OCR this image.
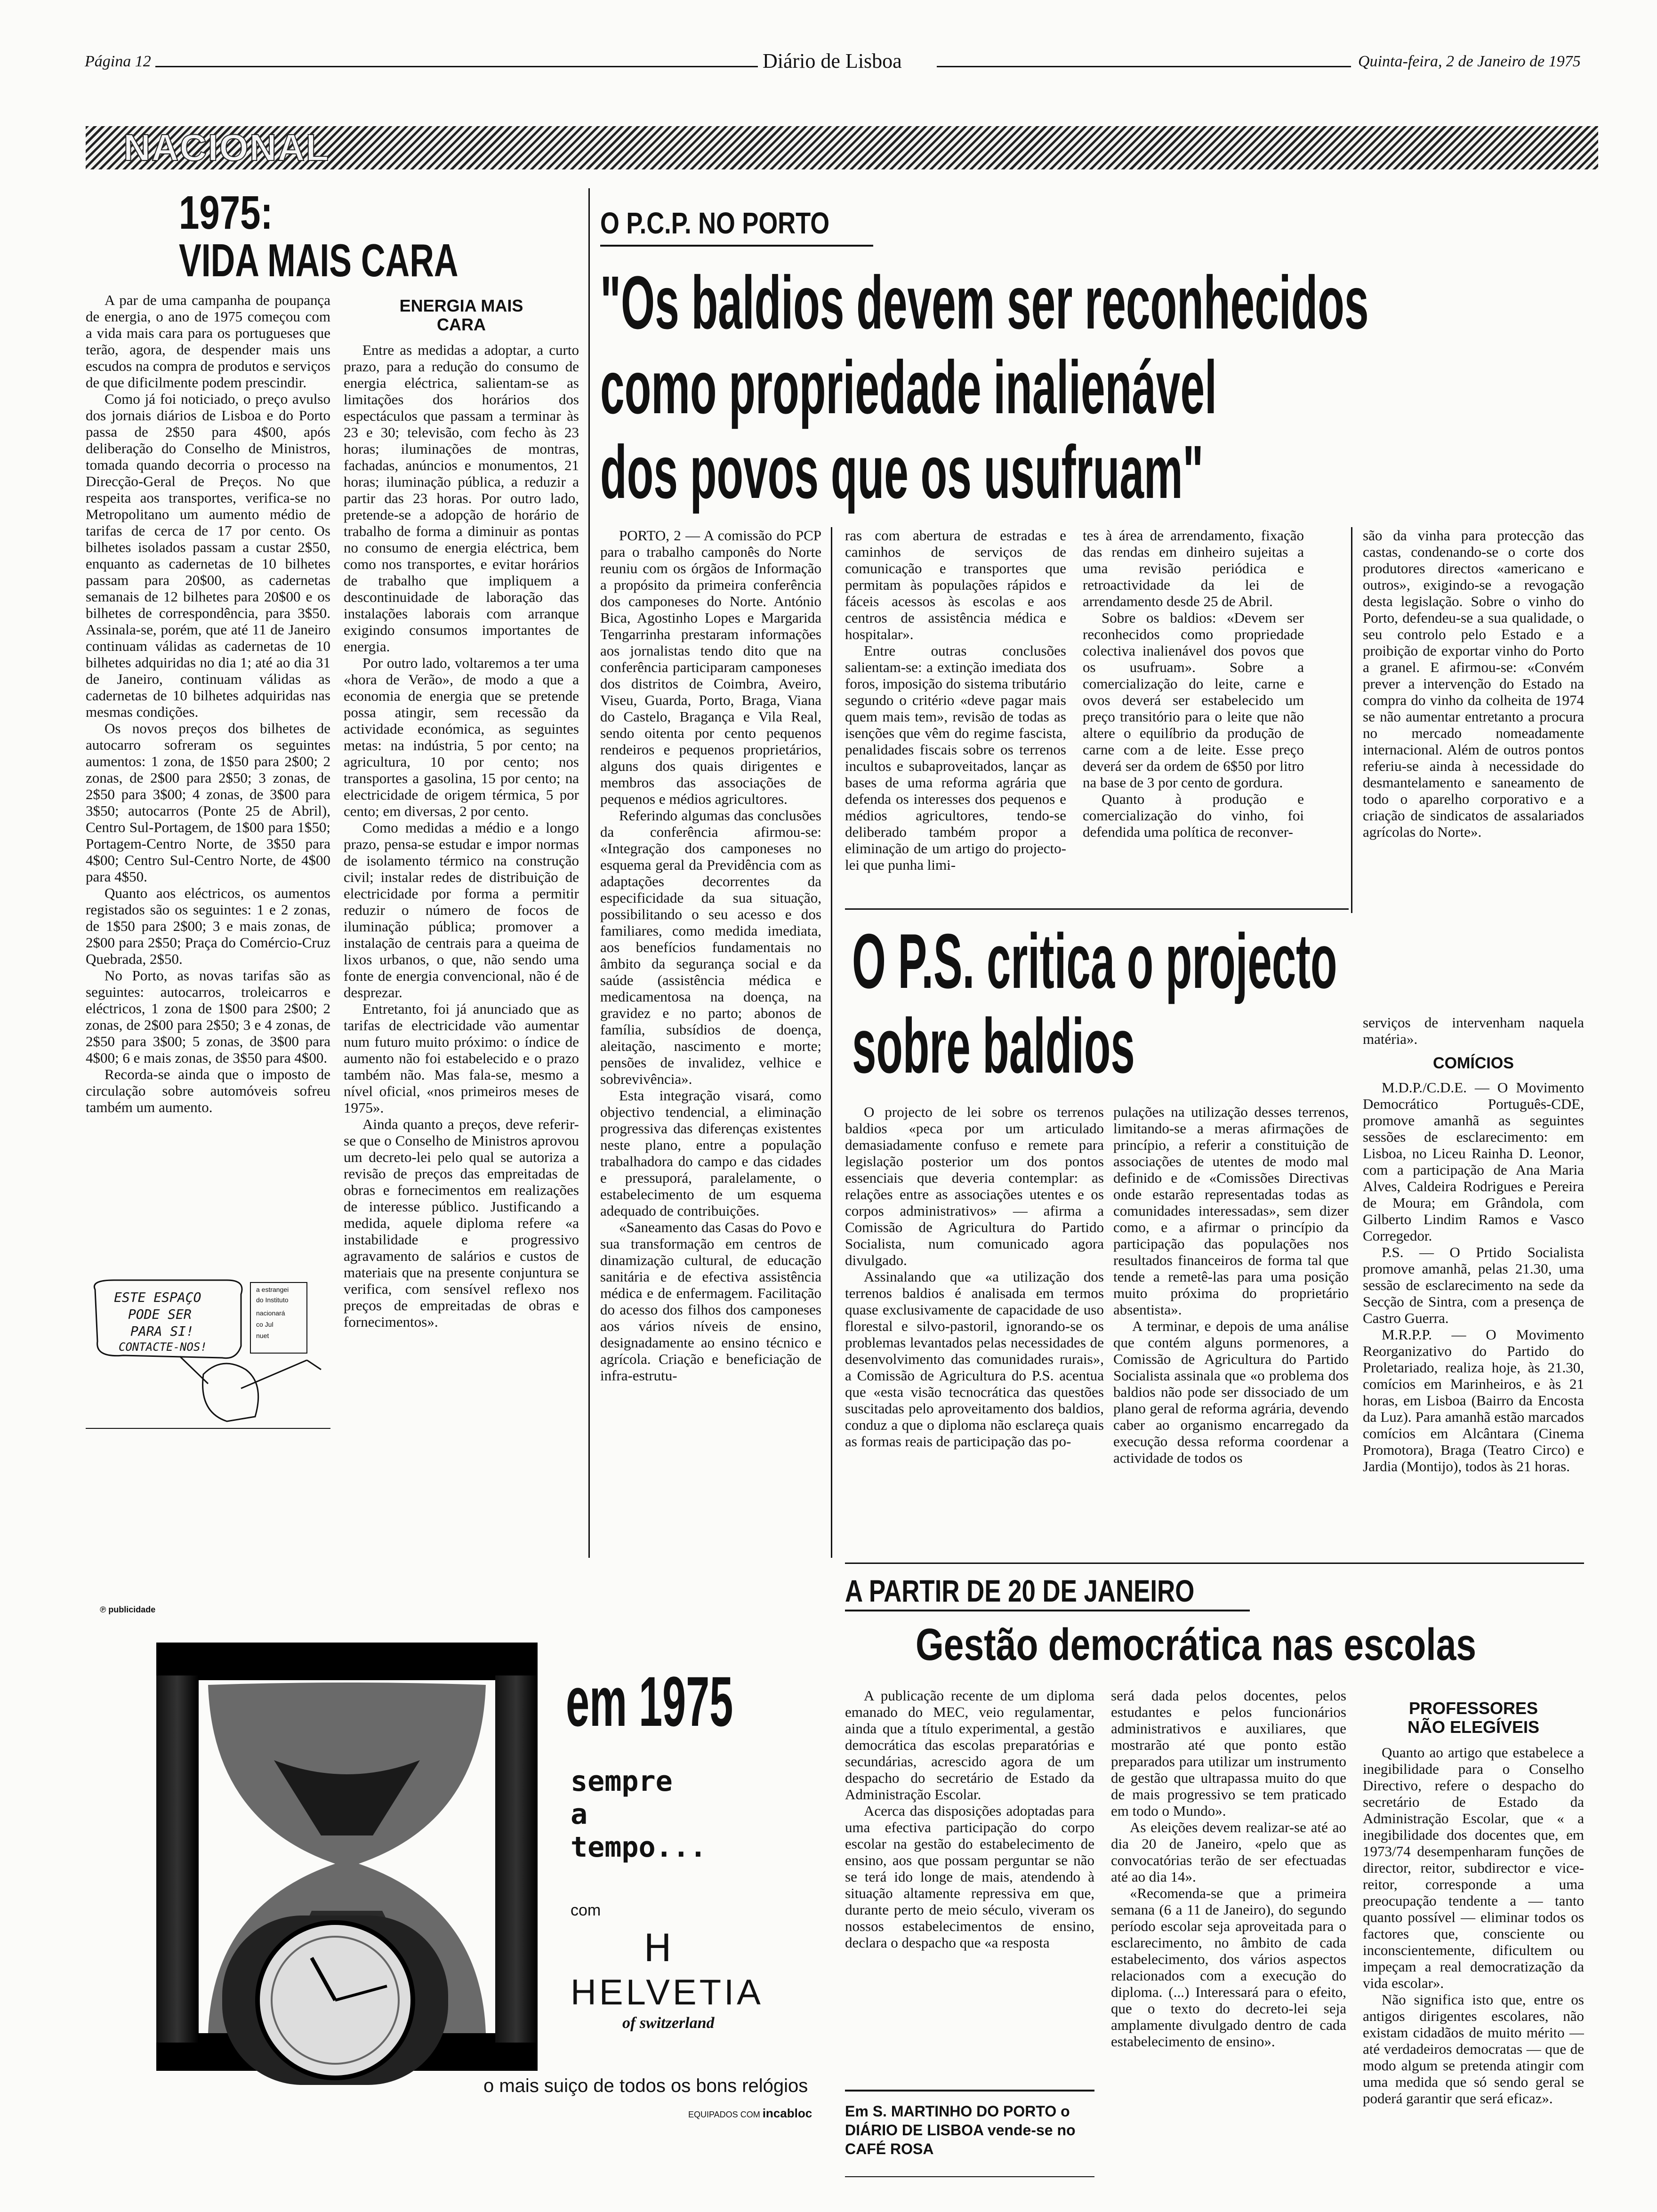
Página 12	Diário de Lisboa	Quinta-feira, 2 de Janeiro de 1975
NACIONAL
1975:
VIDA MAIS CARA

A par de uma campanha de poupança de energia, o ano de 1975 começou com a vida mais cara para os portugueses que terão, agora, de despender mais uns escudos na compra de produtos e serviços de que dificilmente podem prescindir.

Como já foi noticiado, o preço avulso dos jornais diários de Lisboa e do Porto passa de 2$50 para 4$00, após deliberação do Conselho de Ministros, tomada quando decorria o processo na Direcção-Geral de Preços. No que respeita aos transportes, verifica-se no Metropolitano um aumento médio de tarifas de cerca de 17 por cento. Os bilhetes isolados passam a custar 2$50, enquanto as cadernetas de 10 bilhetes passam para 20$00, as cadernetas semanais de 12 bilhetes para 20$00 e os bilhetes de correspondência, para 3$50. Assinala-se, porém, que até 11 de Janeiro continuam válidas as cadernetas de 10 bilhetes adquiridas no dia 1; até ao dia 31 de Janeiro, continuam válidas as cadernetas de 10 bilhetes adquiridas nas mesmas condições.

Os novos preços dos bilhetes de autocarro sofreram os seguintes aumentos: 1 zona, de 1$50 para 2$00; 2 zonas, de 2$00 para 2$50; 3 zonas, de 2$50 para 3$00; 4 zonas, de 3$00 para 3$50; autocarros (Ponte 25 de Abril), Centro Sul-Portagem, de 1$00 para 1$50; Portagem-Centro Norte, de 3$50 para 4$00; Centro Sul-Centro Norte, de 4$00 para 4$50.

Quanto aos eléctricos, os aumentos registados são os seguintes: 1 e 2 zonas, de 1$50 para 2$00; 3 e mais zonas, de 2$00 para 2$50; Praça do Comércio-Cruz Quebrada, 2$50.

No Porto, as novas tarifas são as seguintes: autocarros, troleicarros e eléctricos, 1 zona de 1$00 para 2$00; 2 zonas, de 2$00 para 2$50; 3 e 4 zonas, de 2$50 para 3$00; 5 zonas, de 3$00 para 4$00; 6 e mais zonas, de 3$50 para 4$00.

Recorda-se ainda que o imposto de circulação sobre automóveis sofreu também um aumento.

ENERGIA MAIS CARA

Entre as medidas a adoptar, a curto prazo, para a redução do consumo de energia eléctrica, salientam-se as limitações dos horários dos espectáculos que passam a terminar às 23 e 30; televisão, com fecho às 23 horas; iluminações de montras, fachadas, anúncios e monumentos, 21 horas; iluminação pública, a reduzir a partir das 23 horas. Por outro lado, pretende-se a adopção de horário de trabalho de forma a diminuir as pontas no consumo de energia eléctrica, bem como nos transportes, e evitar horários de trabalho que impliquem a descontinuidade de laboração das instalações laborais com arranque exigindo consumos importantes de energia.

Por outro lado, voltaremos a ter uma «hora de Verão», de modo a que a economia de energia que se pretende possa atingir, sem recessão da actividade económica, as seguintes metas: na indústria, 5 por cento; na agricultura, 10 por cento; nos transportes a gasolina, 15 por cento; na electricidade de origem térmica, 5 por cento; em diversas, 2 por cento.

Como medidas a médio e a longo prazo, pensa-se estudar e impor normas de isolamento térmico na construção civil; instalar redes de distribuição de electricidade por forma a permitir reduzir o número de focos de iluminação pública; promover a instalação de centrais para a queima de lixos urbanos, o que, não sendo uma fonte de energia convencional, não é de desprezar.

Entretanto, foi já anunciado que as tarifas de electricidade vão aumentar num futuro muito próximo: o índice de aumento não foi estabelecido e o prazo também não. Mas fala-se, mesmo a nível oficial, «nos primeiros meses de 1975».

Ainda quanto a preços, deve referir-se que o Conselho de Ministros aprovou um decreto-lei pelo qual se autoriza a revisão de preços das empreitadas de obras e fornecimentos em realizações de interesse público. Justificando a medida, aquele diploma refere «a instabilidade e progressivo agravamento de salários e custos de materiais que na presente conjuntura se verifica, com sensível reflexo nos preços de empreitadas de obras e fornecimentos».

ESTE ESPAÇO
PODE SER
PARA SI!
CONTACTE-NOS!
a estrangei
do Instituto
nacionará
co Jul
nuet
O P.C.P. NO PORTO
"Os baldios devem ser reconhecidos
como propriedade inalienável
dos povos que os usufruam"

PORTO, 2 — A comissão do PCP para o trabalho camponês do Norte reuniu com os órgãos de Informação a propósito da primeira conferência dos camponeses do Norte. António Bica, Agostinho Lopes e Margarida Tengarrinha prestaram informações aos jornalistas tendo dito que na conferência participaram camponeses dos distritos de Coimbra, Aveiro, Viseu, Guarda, Porto, Braga, Viana do Castelo, Bragança e Vila Real, sendo oitenta por cento pequenos rendeiros e pequenos proprietários, alguns dos quais dirigentes e membros das associações de pequenos e médios agricultores.

Referindo algumas das conclusões da conferência afirmou-se: «Integração dos camponeses no esquema geral da Previdência com as adaptações decorrentes da especificidade da sua situação, possibilitando o seu acesso e dos familiares, como medida imediata, aos benefícios fundamentais no âmbito da segurança social e da saúde (assistência médica e medicamentosa na doença, na gravidez e no parto; abonos de família, subsídios de doença, aleitação, nascimento e morte; pensões de invalidez, velhice e sobrevivência».

Esta integração visará, como objectivo tendencial, a eliminação progressiva das diferenças existentes neste plano, entre a população trabalhadora do campo e das cidades e pressuporá, paralelamente, o estabelecimento de um esquema adequado de contribuições.

«Saneamento das Casas do Povo e sua transformação em centros de dinamização cultural, de educação sanitária e de efectiva assistência médica e de enfermagem. Facilitação do acesso dos filhos dos camponeses aos vários níveis de ensino, designadamente ao ensino técnico e agrícola. Criação e beneficiação de infra-estrutu-

ras com abertura de estradas e caminhos de serviços de comunicação e transportes que permitam às populações rápidos e fáceis acessos às escolas e aos centros de assistência médica e hospitalar».

Entre outras conclusões salientam-se: a extinção imediata dos foros, imposição do sistema tributário segundo o critério «deve pagar mais quem mais tem», revisão de todas as isenções que vêm do regime fascista, penalidades fiscais sobre os terrenos incultos e subaproveitados, lançar as bases de uma reforma agrária que defenda os interesses dos pequenos e médios agricultores, tendo-se deliberado também propor a eliminação de um artigo do projecto-lei que punha limi-

tes à área de arrendamento, fixação das rendas em dinheiro sujeitas a uma revisão periódica e retroactividade da lei de arrendamento desde 25 de Abril.

Sobre os baldios: «Devem ser reconhecidos como propriedade colectiva inalienável dos povos que os usufruam». Sobre a comercialização do leite, carne e ovos deverá ser estabelecido um preço transitório para o leite que não altere o equilíbrio da produção de carne com a de leite. Esse preço deverá ser da ordem de 6$50 por litro na base de 3 por cento de gordura.

Quanto à produção e comercialização do vinho, foi defendida uma política de reconver-

são da vinha para protecção das castas, condenando-se o corte dos produtores directos «americano e outros», exigindo-se a revogação desta legislação. Sobre o vinho do Porto, defendeu-se a sua qualidade, o seu controlo pelo Estado e a proibição de exportar vinho do Porto a granel. E afirmou-se: «Convém prever a intervenção do Estado na compra do vinho da colheita de 1974 se não aumentar entretanto a procura no mercado nomeadamente internacional. Além de outros pontos referiu-se ainda à necessidade do desmantelamento e saneamento de todo o aparelho corporativo e a criação de sindicatos de assalariados agrícolas do Norte».

O P.S. critica o projecto
sobre baldios

O projecto de lei sobre os terrenos baldios «peca por um articulado demasiadamente confuso e remete para legislação posterior um dos pontos essenciais que deveria contemplar: as relações entre as associações utentes e os corpos administrativos» — afirma a Comissão de Agricultura do Partido Socialista, num comunicado agora divulgado.

Assinalando que «a utilização dos terrenos baldios é analisada em termos quase exclusivamente de capacidade de uso florestal e silvo-pastoril, ignorando-se os problemas levantados pelas necessidades de desenvolvimento das comunidades rurais», a Comissão de Agricultura do P.S. acentua que «esta visão tecnocrática das questões suscitadas pelo aproveitamento dos baldios, conduz a que o diploma não esclareça quais as formas reais de participação das po-

pulações na utilização desses terrenos, limitando-se a meras afirmações de princípio, a referir a constituição de associações de utentes de modo mal definido e de «Comissões Directivas onde estarão representadas todas as comunidades interessadas», sem dizer como, e a afirmar o princípio da participação das populações nos resultados financeiros de forma tal que tende a remetê-las para uma posição muito próxima do proprietário absentista».

A terminar, e depois de uma análise que contém alguns pormenores, a Comissão de Agricultura do Partido Socialista assinala que «o problema dos baldios não pode ser dissociado de um plano geral de reforma agrária, devendo caber ao organismo encarregado da execução dessa reforma coordenar a actividade de todos os

serviços de intervenham naquela matéria».

COMÍCIOS

M.D.P./C.D.E. — O Movimento Democrático Português-CDE, promove amanhã as seguintes sessões de esclarecimento: em Lisboa, no Liceu Rainha D. Leonor, com a participação de Ana Maria Alves, Caldeira Rodrigues e Pereira de Moura; em Grândola, com Gilberto Lindim Ramos e Vasco Corregedor.

P.S. — O Prtido Socialista promove amanhã, pelas 21.30, uma sessão de esclarecimento na sede da Secção de Sintra, com a presença de Castro Guerra.

M.R.P.P. — O Movimento Reorganizativo do Partido do Proletariado, realiza hoje, às 21.30, comícios em Marinheiros, e às 21 horas, em Lisboa (Bairro da Encosta da Luz). Para amanhã estão marcados comícios em Alcântara (Cinema Promotora), Braga (Teatro Circo) e Jardia (Montijo), todos às 21 horas.

℗ publicidade
em 1975
sempre
a
tempo...
com
ᕼ
HELVETIA
of switzerland
o mais suiço de todos os bons relógios
EQUIPADOS COM incabloc
A PARTIR DE 20 DE JANEIRO
Gestão democrática nas escolas

A publicação recente de um diploma emanado do MEC, veio regulamentar, ainda que a título experimental, a gestão democrática das escolas preparatórias e secundárias, acrescido agora de um despacho do secretário de Estado da Administração Escolar.

Acerca das disposições adoptadas para uma efectiva participação do corpo escolar na gestão do estabelecimento de ensino, aos que possam perguntar se não se terá ido longe de mais, atendendo à situação altamente repressiva em que, durante perto de meio século, viveram os nossos estabelecimentos de ensino, declara o despacho que «a resposta

Em S. MARTINHO DO PORTO o DIÁRIO DE LISBOA vende-se no CAFÉ ROSA

será dada pelos docentes, pelos estudantes e pelos funcionários administrativos e auxiliares, que mostrarão até que ponto estão preparados para utilizar um instrumento de gestão que ultrapassa muito do que de mais progressivo se tem praticado em todo o Mundo».

As eleições devem realizar-se até ao dia 20 de Janeiro, «pelo que as convocatórias terão de ser efectuadas até ao dia 14».

«Recomenda-se que a primeira semana (6 a 11 de Janeiro), do segundo período escolar seja aproveitada para o esclarecimento, no âmbito de cada estabelecimento, dos vários aspectos relacionados com a execução do diploma. (...) Interessará para o efeito, que o texto do decreto-lei seja amplamente divulgado dentro de cada estabelecimento de ensino».

PROFESSORES NÃO ELEGÍVEIS

Quanto ao artigo que estabelece a inegibilidade para o Conselho Directivo, refere o despacho do secretário de Estado da Administração Escolar, que « a inegibilidade dos docentes que, em 1973/74 desempenharam funções de director, reitor, subdirector e vice-reitor, corresponde a uma preocupação tendente a — tanto quanto possível — eliminar todos os factores que, consciente ou inconscientemente, dificultem ou impeçam a real democratização da vida escolar».

Não significa isto que, entre os antigos dirigentes escolares, não existam cidadãos de muito mérito — até verdadeiros democratas — que de modo algum se pretenda atingir com uma medida que só sendo geral se poderá garantir que será eficaz».
